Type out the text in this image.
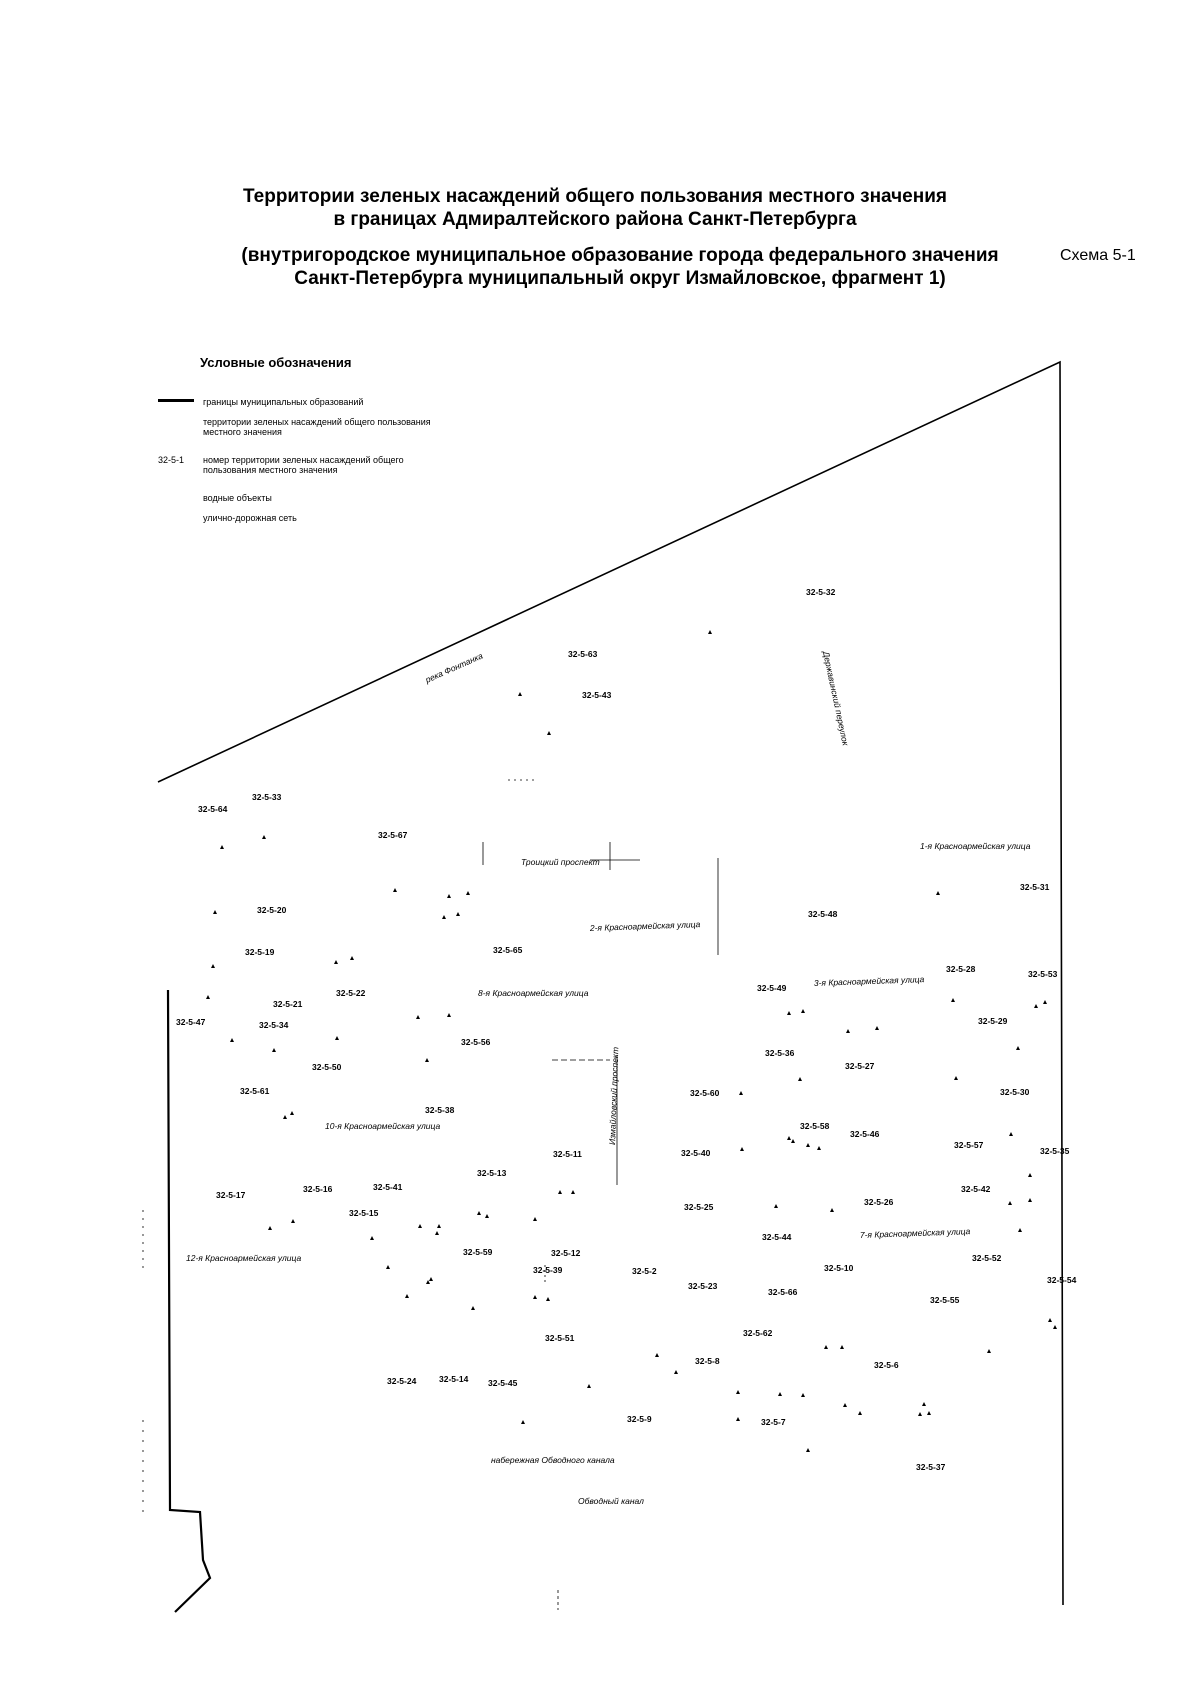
Территории зеленых насаждений общего пользования местного значения
в границах Адмиралтейского района Санкт-Петербурга
(внутригородское муниципальное образование города федерального значения
Санкт-Петербурга муниципальный округ Измайловское, фрагмент 1)
Схема 5-1
Условные обозначения
границы муниципальных образований
территории зеленых насаждений общего пользования местного значения
номер территории зеленых насаждений общего пользования местного значения
водные объекты
улично-дорожная сеть
32-5-1
32-5-32
32-5-63
32-5-43
32-5-64
32-5-33
32-5-67
32-5-20
32-5-19	32-5-65
32-5-48
32-5-31
32-5-28	32-5-53
32-5-49
32-5-21
32-5-22
32-5-47	32-5-34	32-5-29
32-5-56
32-5-36
32-5-27
32-5-50
32-5-61	32-5-60	32-5-30
32-5-38
32-5-58
32-5-46
32-5-57
32-5-11	32-5-40	32-5-35
32-5-13
32-5-17
32-5-16	32-5-41	32-5-42
32-5-15
32-5-25	32-5-26
32-5-44
32-5-59	32-5-12
32-5-10
32-5-52
32-5-39	32-5-2
32-5-54
32-5-23
32-5-66
32-5-55
32-5-51	32-5-62
32-5-8	32-5-6
32-5-24	32-5-14 32-5-45
32-5-9	32-5-7
32-5-37
река Фонтанка	Державинский переулок
Троицкий проспект
1-я Красноармейская улица
2-я Красноармейская улица
3-я Красноармейская улица
8-я Красноармейская улица
Измайловский проспект
10-я Красноармейская улица
7-я Красноармейская улица
12-я Красноармейская улица
набережная Обводного канала
Обводный канал
